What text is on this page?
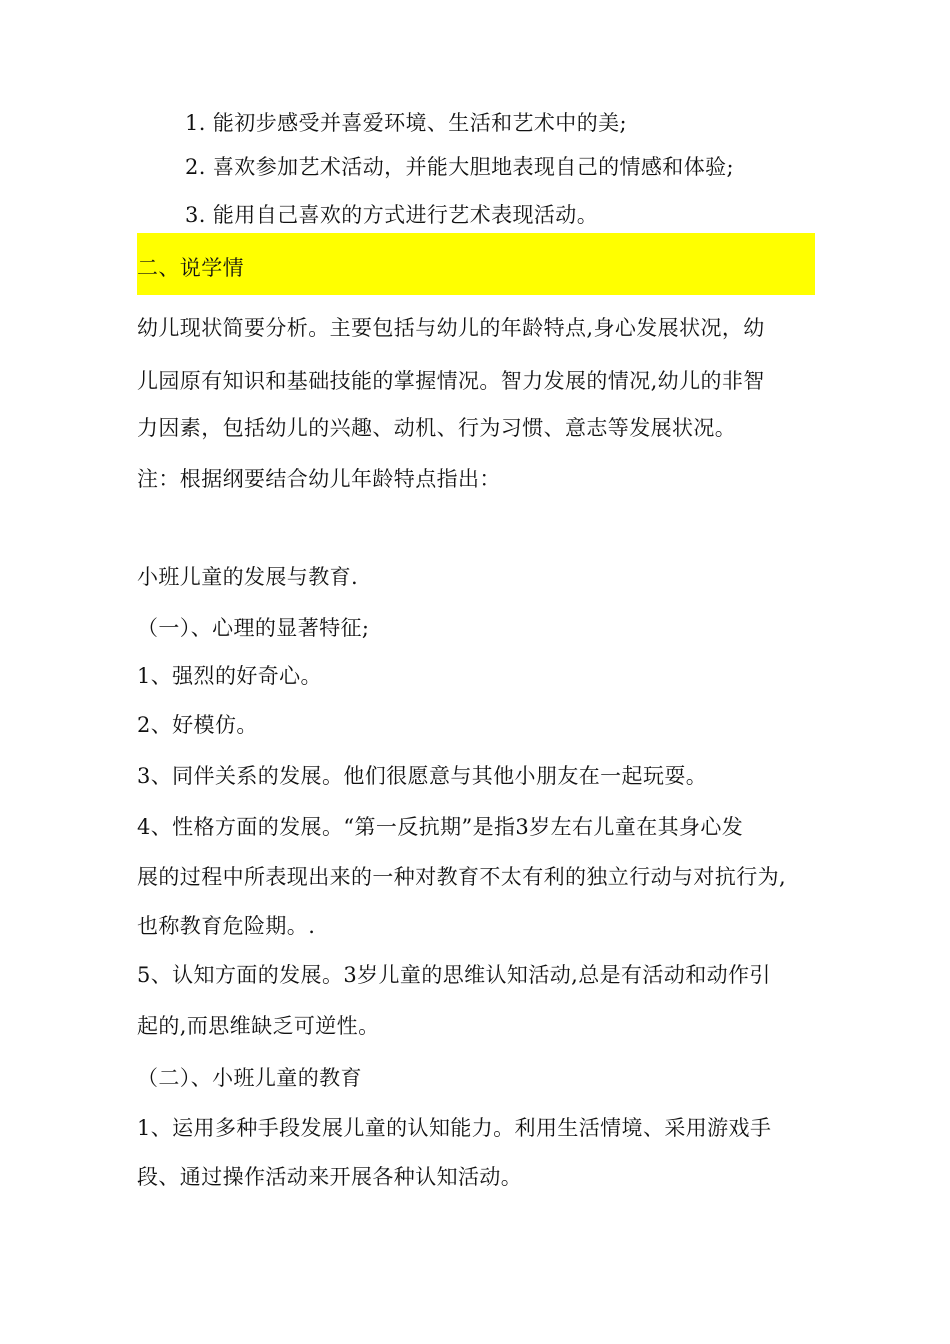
1. 能初步感受并喜爱环境、生活和艺术中的美;
2. 喜欢参加艺术活动，并能大胆地表现自己的情感和体验;
3. 能用自己喜欢的方式进行艺术表现活动。
二、说学情
幼儿现状简要分析。主要包括与幼儿的年龄特点,身心发展状况，幼
儿园原有知识和基础技能的掌握情况。智力发展的情况,幼儿的非智
力因素，包括幼儿的兴趣、动机、行为习惯、意志等发展状况。
注：根据纲要结合幼儿年龄特点指出：
小班儿童的发展与教育.
（一）、心理的显著特征;
1、强烈的好奇心。
2、好模仿。
3、同伴关系的发展。他们很愿意与其他小朋友在一起玩耍。
4、性格方面的发展。“第一反抗期”是指3岁左右儿童在其身心发
展的过程中所表现出来的一种对教育不太有利的独立行动与对抗行为,
也称教育危险期。.
5、认知方面的发展。3岁儿童的思维认知活动,总是有活动和动作引
起的,而思维缺乏可逆性。
（二）、小班儿童的教育
1、运用多种手段发展儿童的认知能力。利用生活情境、采用游戏手
段、通过操作活动来开展各种认知活动。
